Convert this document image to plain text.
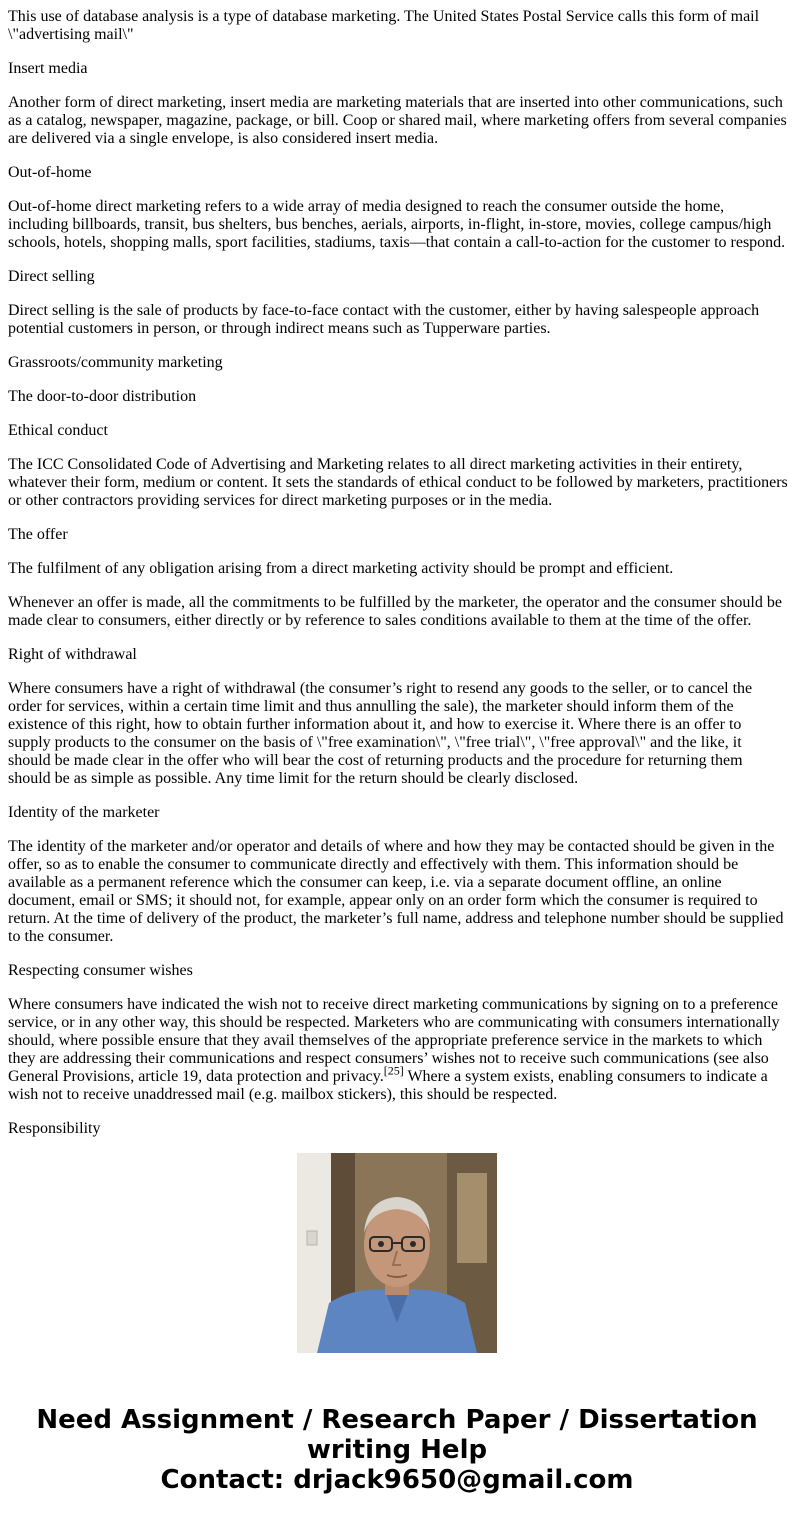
This use of database analysis is a type of database marketing. The United States Postal Service calls this form of mail \"advertising mail\"

Insert media

Another form of direct marketing, insert media are marketing materials that are inserted into other communications, such as a catalog, newspaper, magazine, package, or bill. Coop or shared mail, where marketing offers from several companies are delivered via a single envelope, is also considered insert media.

Out-of-home

Out-of-home direct marketing refers to a wide array of media designed to reach the consumer outside the home, including billboards, transit, bus shelters, bus benches, aerials, airports, in-flight, in-store, movies, college campus/high schools, hotels, shopping malls, sport facilities, stadiums, taxis—that contain a call-to-action for the customer to respond.

Direct selling

Direct selling is the sale of products by face-to-face contact with the customer, either by having salespeople approach potential customers in person, or through indirect means such as Tupperware parties.

Grassroots/community marketing

The door-to-door distribution

Ethical conduct

The ICC Consolidated Code of Advertising and Marketing relates to all direct marketing activities in their entirety, whatever their form, medium or content. It sets the standards of ethical conduct to be followed by marketers, practitioners or other contractors providing services for direct marketing purposes or in the media.

The offer

The fulfilment of any obligation arising from a direct marketing activity should be prompt and efficient.

Whenever an offer is made, all the commitments to be fulfilled by the marketer, the operator and the consumer should be made clear to consumers, either directly or by reference to sales conditions available to them at the time of the offer.

Right of withdrawal

Where consumers have a right of withdrawal (the consumer’s right to resend any goods to the seller, or to cancel the order for services, within a certain time limit and thus annulling the sale), the marketer should inform them of the existence of this right, how to obtain further information about it, and how to exercise it. Where there is an offer to supply products to the consumer on the basis of \"free examination\", \"free trial\", \"free approval\" and the like, it should be made clear in the offer who will bear the cost of returning products and the procedure for returning them should be as simple as possible. Any time limit for the return should be clearly disclosed.

Identity of the marketer

The identity of the marketer and/or operator and details of where and how they may be contacted should be given in the offer, so as to enable the consumer to communicate directly and effectively with them. This information should be available as a permanent reference which the consumer can keep, i.e. via a separate document offline, an online document, email or SMS; it should not, for example, appear only on an order form which the consumer is required to return. At the time of delivery of the product, the marketer’s full name, address and telephone number should be supplied to the consumer.

Respecting consumer wishes

Where consumers have indicated the wish not to receive direct marketing communications by signing on to a preference service, or in any other way, this should be respected. Marketers who are communicating with consumers internationally should, where possible ensure that they avail themselves of the appropriate preference service in the markets to which they are addressing their communications and respect consumers’ wishes not to receive such communications (see also General Provisions, article 19, data protection and privacy.[25] Where a system exists, enabling consumers to indicate a wish not to receive unaddressed mail (e.g. mailbox stickers), this should be respected.

Responsibility

Need Assignment / Research Paper / Dissertation
writing Help
Contact: drjack9650@gmail.com
